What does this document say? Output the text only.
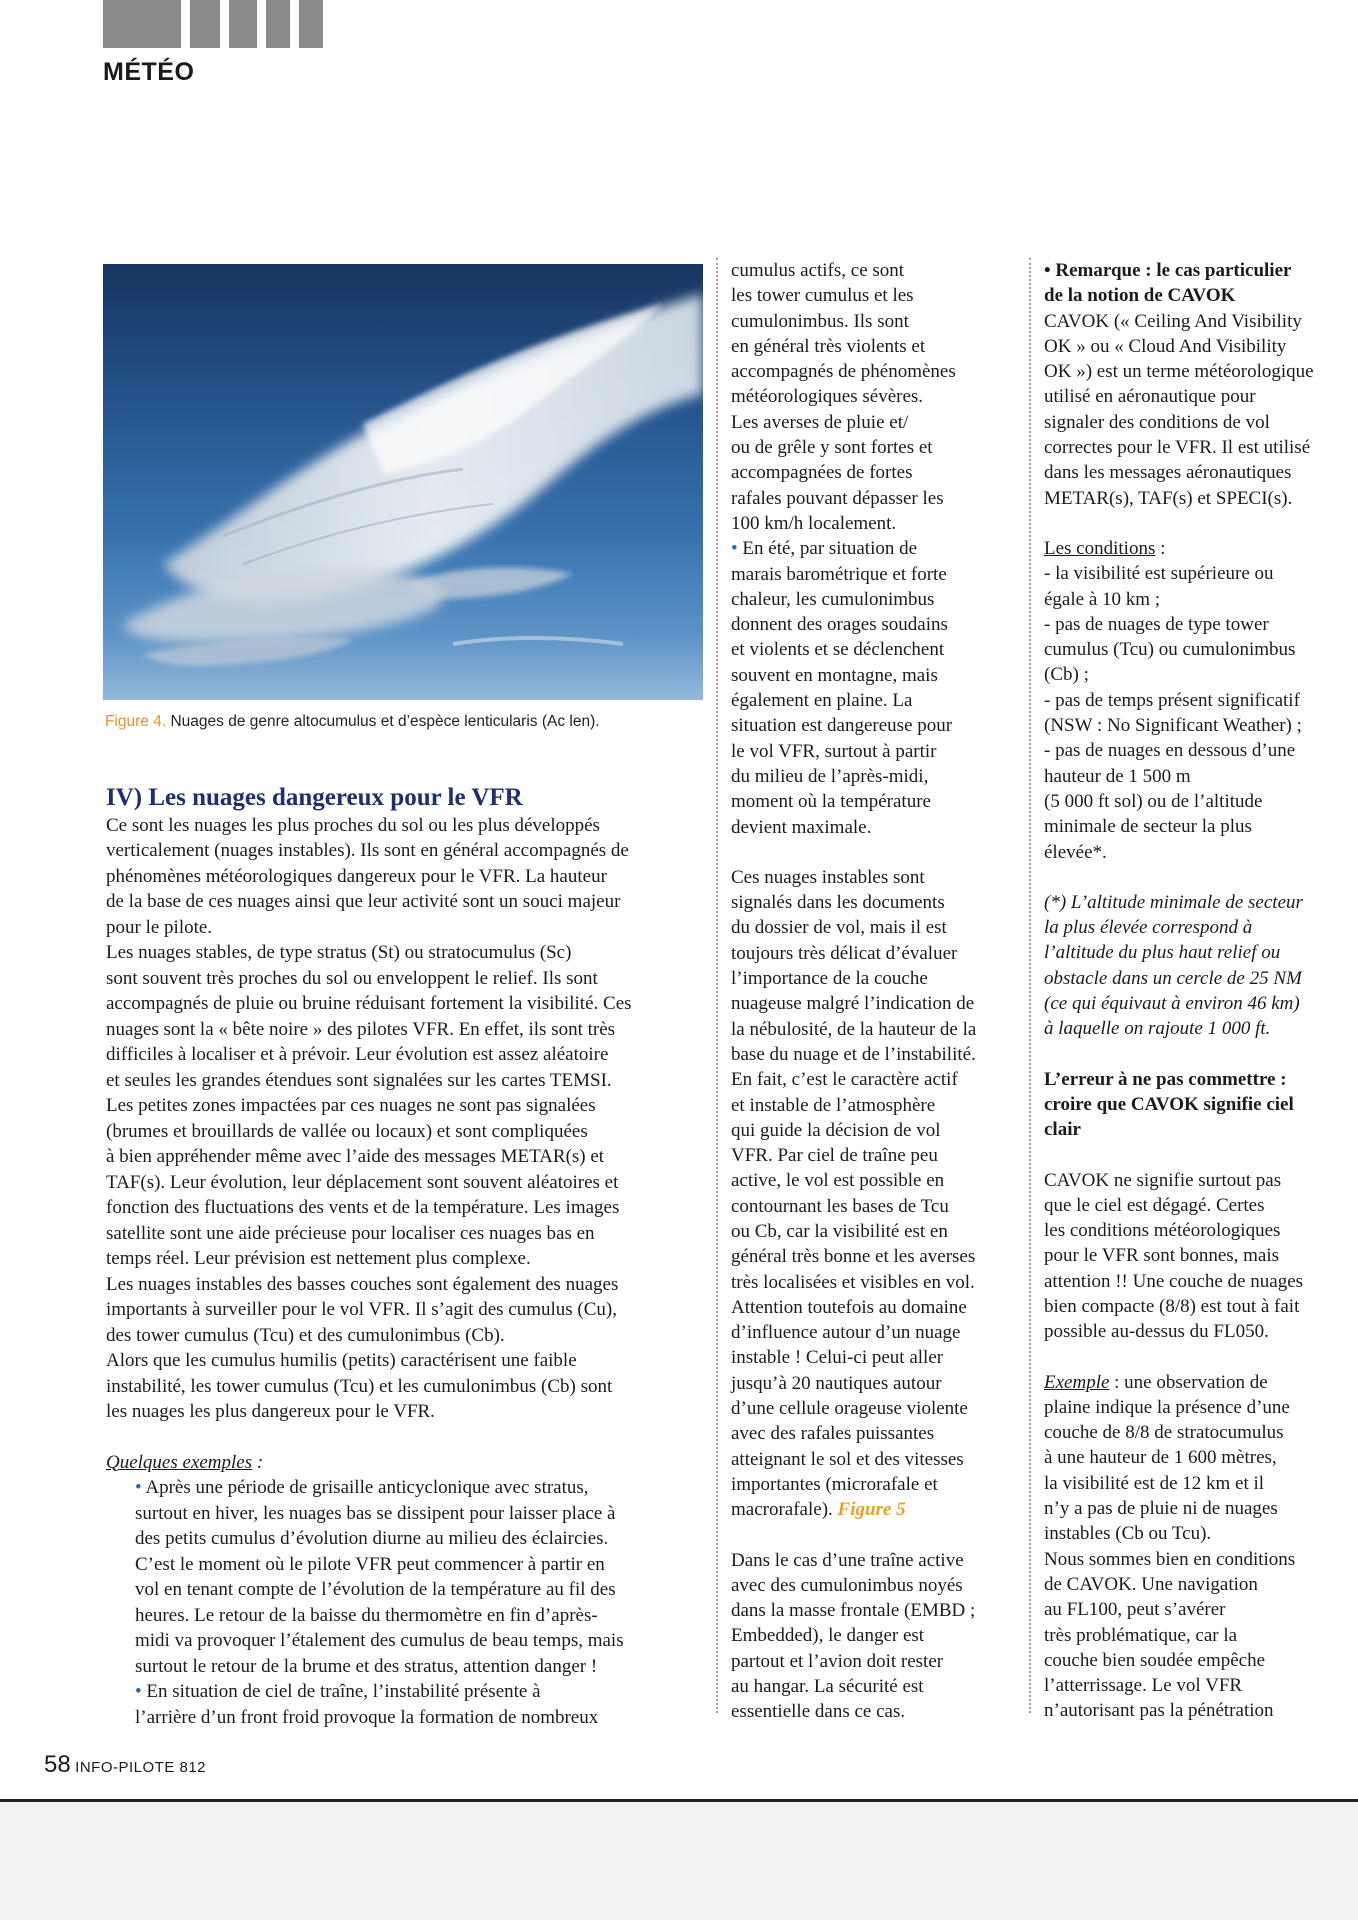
MÉTÉO
Figure 4. Nuages de genre altocumulus et d’espèce lenticularis (Ac len).
IV) Les nuages dangereux pour le VFR
Ce sont les nuages les plus proches du sol ou les plus développés
verticalement (nuages instables). Ils sont en général accompagnés de
phénomènes météorologiques dangereux pour le VFR. La hauteur
de la base de ces nuages ainsi que leur activité sont un souci majeur
pour le pilote.
Les nuages stables, de type stratus (St) ou stratocumulus (Sc)
sont souvent très proches du sol ou enveloppent le relief. Ils sont
accompagnés de pluie ou bruine réduisant fortement la visibilité. Ces
nuages sont la « bête noire » des pilotes VFR. En effet, ils sont très
difficiles à localiser et à prévoir. Leur évolution est assez aléatoire
et seules les grandes étendues sont signalées sur les cartes TEMSI.
Les petites zones impactées par ces nuages ne sont pas signalées
(brumes et brouillards de vallée ou locaux) et sont compliquées
à bien appréhender même avec l’aide des messages METAR(s) et
TAF(s). Leur évolution, leur déplacement sont souvent aléatoires et
fonction des fluctuations des vents et de la température. Les images
satellite sont une aide précieuse pour localiser ces nuages bas en
temps réel. Leur prévision est nettement plus complexe.
Les nuages instables des basses couches sont également des nuages
importants à surveiller pour le vol VFR. Il s’agit des cumulus (Cu),
des tower cumulus (Tcu) et des cumulonimbus (Cb).
Alors que les cumulus humilis (petits) caractérisent une faible
instabilité, les tower cumulus (Tcu) et les cumulonimbus (Cb) sont
les nuages les plus dangereux pour le VFR.
Quelques exemples :
• Après une période de grisaille anticyclonique avec stratus,
surtout en hiver, les nuages bas se dissipent pour laisser place à
des petits cumulus d’évolution diurne au milieu des éclaircies.
C’est le moment où le pilote VFR peut commencer à partir en
vol en tenant compte de l’évolution de la température au fil des
heures. Le retour de la baisse du thermomètre en fin d’après-
midi va provoquer l’étalement des cumulus de beau temps, mais
surtout le retour de la brume et des stratus, attention danger !
• En situation de ciel de traîne, l’instabilité présente à
l’arrière d’un front froid provoque la formation de nombreux
cumulus actifs, ce sont
les tower cumulus et les
cumulonimbus. Ils sont
en général très violents et
accompagnés de phénomènes
météorologiques sévères.
Les averses de pluie et/
ou de grêle y sont fortes et
accompagnées de fortes
rafales pouvant dépasser les
100 km/h localement.
• En été, par situation de
marais barométrique et forte
chaleur, les cumulonimbus
donnent des orages soudains
et violents et se déclenchent
souvent en montagne, mais
également en plaine. La
situation est dangereuse pour
le vol VFR, surtout à partir
du milieu de l’après-midi,
moment où la température
devient maximale.
Ces nuages instables sont
signalés dans les documents
du dossier de vol, mais il est
toujours très délicat d’évaluer
l’importance de la couche
nuageuse malgré l’indication de
la nébulosité, de la hauteur de la
base du nuage et de l’instabilité.
En fait, c’est le caractère actif
et instable de l’atmosphère
qui guide la décision de vol
VFR. Par ciel de traîne peu
active, le vol est possible en
contournant les bases de Tcu
ou Cb, car la visibilité est en
général très bonne et les averses
très localisées et visibles en vol.
Attention toutefois au domaine
d’influence autour d’un nuage
instable ! Celui-ci peut aller
jusqu’à 20 nautiques autour
d’une cellule orageuse violente
avec des rafales puissantes
atteignant le sol et des vitesses
importantes (microrafale et
macrorafale). Figure 5
Dans le cas d’une traîne active
avec des cumulonimbus noyés
dans la masse frontale (EMBD ;
Embedded), le danger est
partout et l’avion doit rester
au hangar. La sécurité est
essentielle dans ce cas.
• Remarque : le cas particulier
de la notion de CAVOK
CAVOK (« Ceiling And Visibility
OK » ou « Cloud And Visibility
OK ») est un terme météorologique
utilisé en aéronautique pour
signaler des conditions de vol
correctes pour le VFR. Il est utilisé
dans les messages aéronautiques
METAR(s), TAF(s) et SPECI(s).
Les conditions :
- la visibilité est supérieure ou
égale à 10 km ;
- pas de nuages de type tower
cumulus (Tcu) ou cumulonimbus
(Cb) ;
- pas de temps présent significatif
(NSW : No Significant Weather) ;
- pas de nuages en dessous d’une
hauteur de 1 500 m
(5 000 ft sol) ou de l’altitude
minimale de secteur la plus
élevée*.
(*) L’altitude minimale de secteur
la plus élevée correspond à
l’altitude du plus haut relief ou
obstacle dans un cercle de 25 NM
(ce qui équivaut à environ 46 km)
à laquelle on rajoute 1 000 ft.
L’erreur à ne pas commettre :
croire que CAVOK signifie ciel
clair
CAVOK ne signifie surtout pas
que le ciel est dégagé. Certes
les conditions météorologiques
pour le VFR sont bonnes, mais
attention !! Une couche de nuages
bien compacte (8/8) est tout à fait
possible au-dessus du FL050.
Exemple : une observation de
plaine indique la présence d’une
couche de 8/8 de stratocumulus
à une hauteur de 1 600 mètres,
la visibilité est de 12 km et il
n’y a pas de pluie ni de nuages
instables (Cb ou Tcu).
Nous sommes bien en conditions
de CAVOK. Une navigation
au FL100, peut s’avérer
très problématique, car la
couche bien soudée empêche
l’atterrissage. Le vol VFR
n’autorisant pas la pénétration
58 INFO-PILOTE 812
